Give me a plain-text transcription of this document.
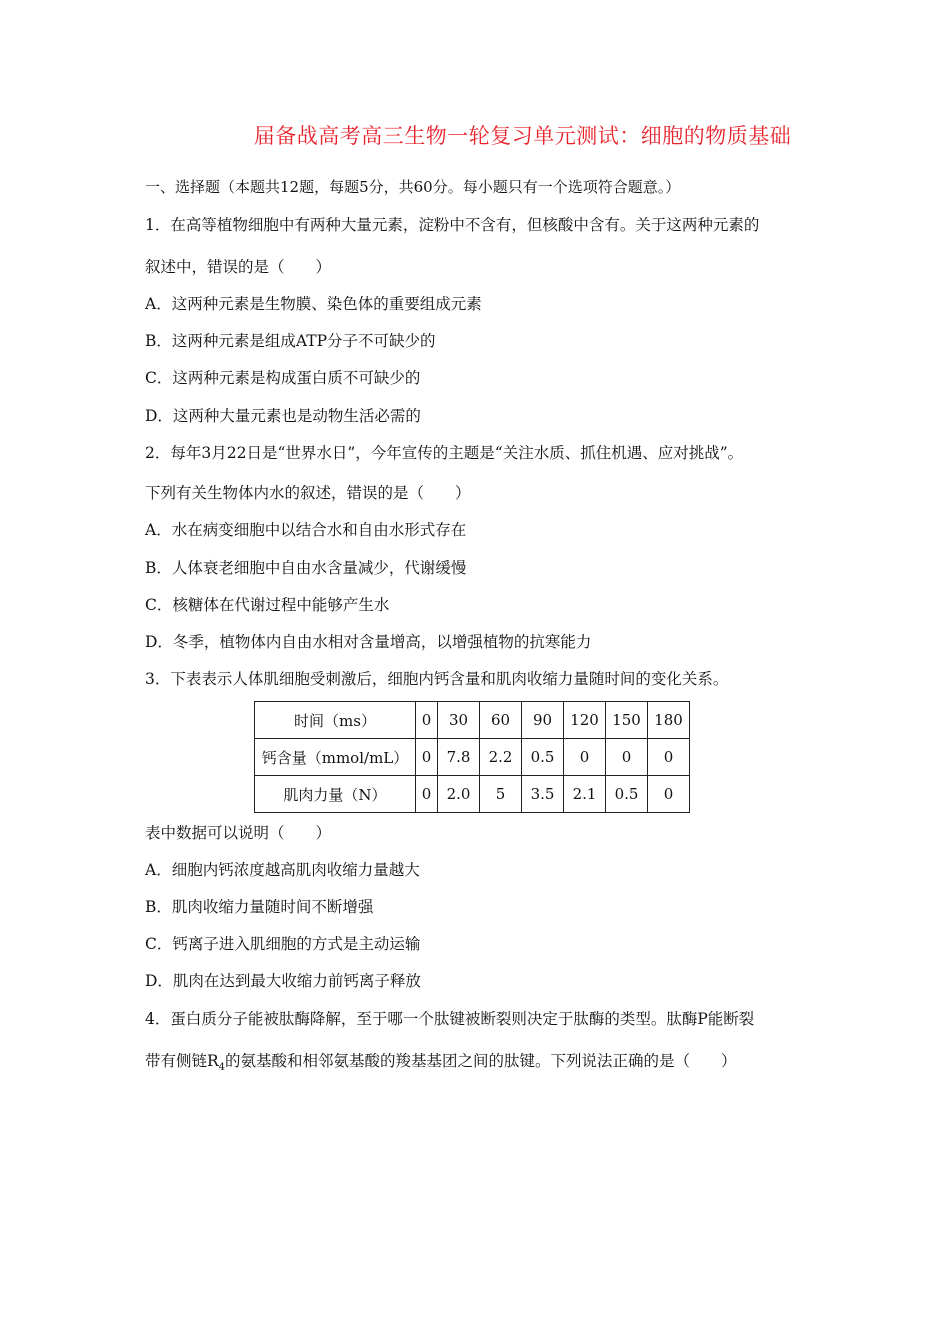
届备战高考高三生物一轮复习单元测试：细胞的物质基础
一、选择题（本题共12题，每题5分，共60分。每小题只有一个选项符合题意。）
1．在高等植物细胞中有两种大量元素，淀粉中不含有，但核酸中含有。关于这两种元素的
叙述中，错误的是（　　）
A．这两种元素是生物膜、染色体的重要组成元素
B．这两种元素是组成ATP分子不可缺少的
C．这两种元素是构成蛋白质不可缺少的
D．这两种大量元素也是动物生活必需的
2．每年3月22日是“世界水日”，今年宣传的主题是“关注水质、抓住机遇、应对挑战”。
下列有关生物体内水的叙述，错误的是（　　）
A．水在病变细胞中以结合水和自由水形式存在
B．人体衰老细胞中自由水含量减少，代谢缓慢
C．核糖体在代谢过程中能够产生水
D．冬季，植物体内自由水相对含量增高，以增强植物的抗寒能力
3．下表表示人体肌细胞受刺激后，细胞内钙含量和肌肉收缩力量随时间的变化关系。
时间（ms）	0	30	60	90	120	150	180
钙含量（mmol/mL）	0	7.8	2.2	0.5	0	0	0
肌肉力量（N）	0	2.0	5	3.5	2.1	0.5	0
表中数据可以说明（　　）
A．细胞内钙浓度越高肌肉收缩力量越大
B．肌肉收缩力量随时间不断增强
C．钙离子进入肌细胞的方式是主动运输
D．肌肉在达到最大收缩力前钙离子释放
4．蛋白质分子能被肽酶降解，至于哪一个肽键被断裂则决定于肽酶的类型。肽酶P能断裂
带有侧链$R_4$的氨基酸和相邻氨基酸的羧基基团之间的肽键。下列说法正确的是（　　）
